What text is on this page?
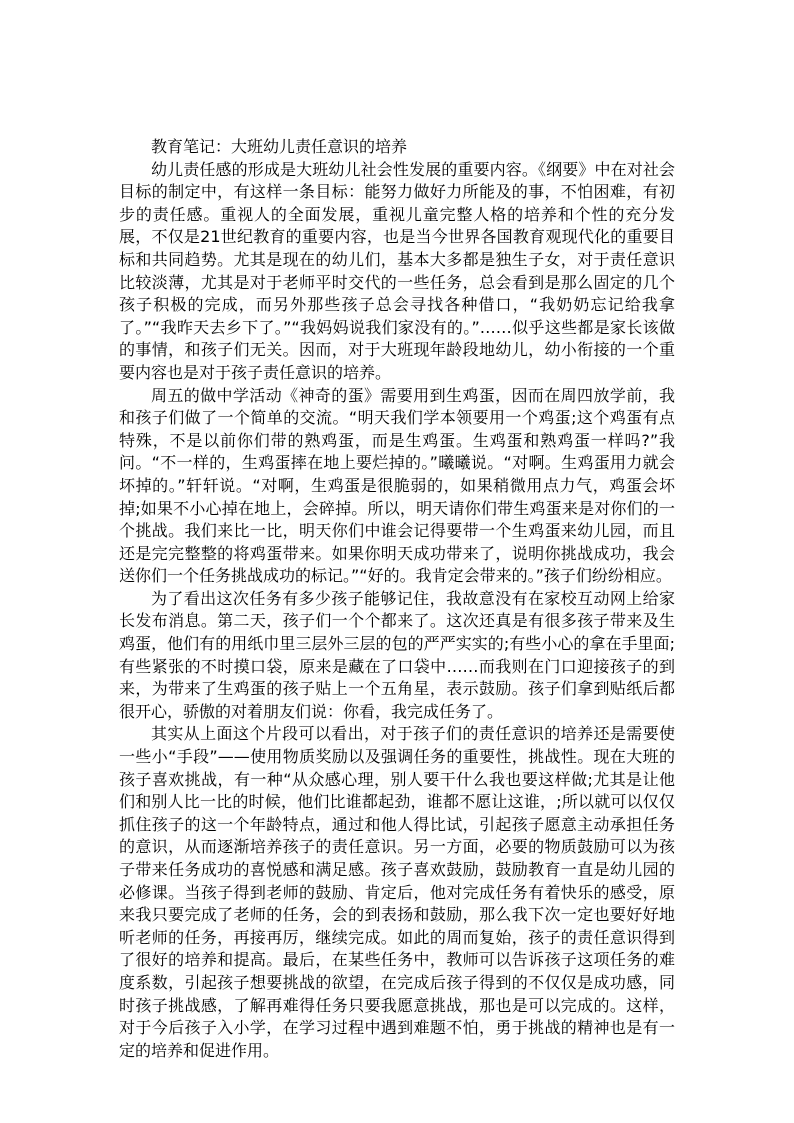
教育笔记：大班幼儿责任意识的培养

幼儿责任感的形成是大班幼儿社会性发展的重要内容。《纲要》中在对社会目标的制定中，有这样一条目标：能努力做好力所能及的事，不怕困难，有初步的责任感。重视人的全面发展，重视儿童完整人格的培养和个性的充分发展，不仅是21世纪教育的重要内容，也是当今世界各国教育观现代化的重要目标和共同趋势。尤其是现在的幼儿们，基本大多都是独生子女，对于责任意识比较淡薄，尤其是对于老师平时交代的一些任务，总会看到是那么固定的几个孩子积极的完成，而另外那些孩子总会寻找各种借口，“我奶奶忘记给我拿了。”“我昨天去乡下了。”“我妈妈说我们家没有的。”……似乎这些都是家长该做的事情，和孩子们无关。因而，对于大班现年龄段地幼儿，幼小衔接的一个重要内容也是对于孩子责任意识的培养。

周五的做中学活动《神奇的蛋》需要用到生鸡蛋，因而在周四放学前，我和孩子们做了一个简单的交流。“明天我们学本领要用一个鸡蛋;这个鸡蛋有点特殊，不是以前你们带的熟鸡蛋，而是生鸡蛋。生鸡蛋和熟鸡蛋一样吗?”我问。“不一样的，生鸡蛋摔在地上要烂掉的。”曦曦说。“对啊。生鸡蛋用力就会坏掉的。”轩轩说。“对啊，生鸡蛋是很脆弱的，如果稍微用点力气，鸡蛋会坏掉;如果不小心掉在地上，会碎掉。所以，明天请你们带生鸡蛋来是对你们的一个挑战。我们来比一比，明天你们中谁会记得要带一个生鸡蛋来幼儿园，而且还是完完整整的将鸡蛋带来。如果你明天成功带来了，说明你挑战成功，我会送你们一个任务挑战成功的标记。”“好的。我肯定会带来的。”孩子们纷纷相应。

为了看出这次任务有多少孩子能够记住，我故意没有在家校互动网上给家长发布消息。第二天，孩子们一个个都来了。这次还真是有很多孩子带来及生鸡蛋，他们有的用纸巾里三层外三层的包的严严实实的;有些小心的拿在手里面;有些紧张的不时摸口袋，原来是藏在了口袋中……而我则在门口迎接孩子的到来，为带来了生鸡蛋的孩子贴上一个五角星，表示鼓励。孩子们拿到贴纸后都很开心，骄傲的对着朋友们说：你看，我完成任务了。

其实从上面这个片段可以看出，对于孩子们的责任意识的培养还是需要使一些小“手段”——使用物质奖励以及强调任务的重要性，挑战性。现在大班的孩子喜欢挑战，有一种“从众感心理，别人要干什么我也要这样做;尤其是让他们和别人比一比的时候，他们比谁都起劲，谁都不愿让这谁，;所以就可以仅仅抓住孩子的这一个年龄特点，通过和他人得比试，引起孩子愿意主动承担任务的意识，从而逐渐培养孩子的责任意识。另一方面，必要的物质鼓励可以为孩子带来任务成功的喜悦感和满足感。孩子喜欢鼓励，鼓励教育一直是幼儿园的必修课。当孩子得到老师的鼓励、肯定后，他对完成任务有着快乐的感受，原来我只要完成了老师的任务，会的到表扬和鼓励，那么我下次一定也要好好地听老师的任务，再接再厉，继续完成。如此的周而复始，孩子的责任意识得到了很好的培养和提高。最后，在某些任务中，教师可以告诉孩子这项任务的难度系数，引起孩子想要挑战的欲望，在完成后孩子得到的不仅仅是成功感，同时孩子挑战感，了解再难得任务只要我愿意挑战，那也是可以完成的。这样，对于今后孩子入小学，在学习过程中遇到难题不怕，勇于挑战的精神也是有一定的培养和促进作用。
